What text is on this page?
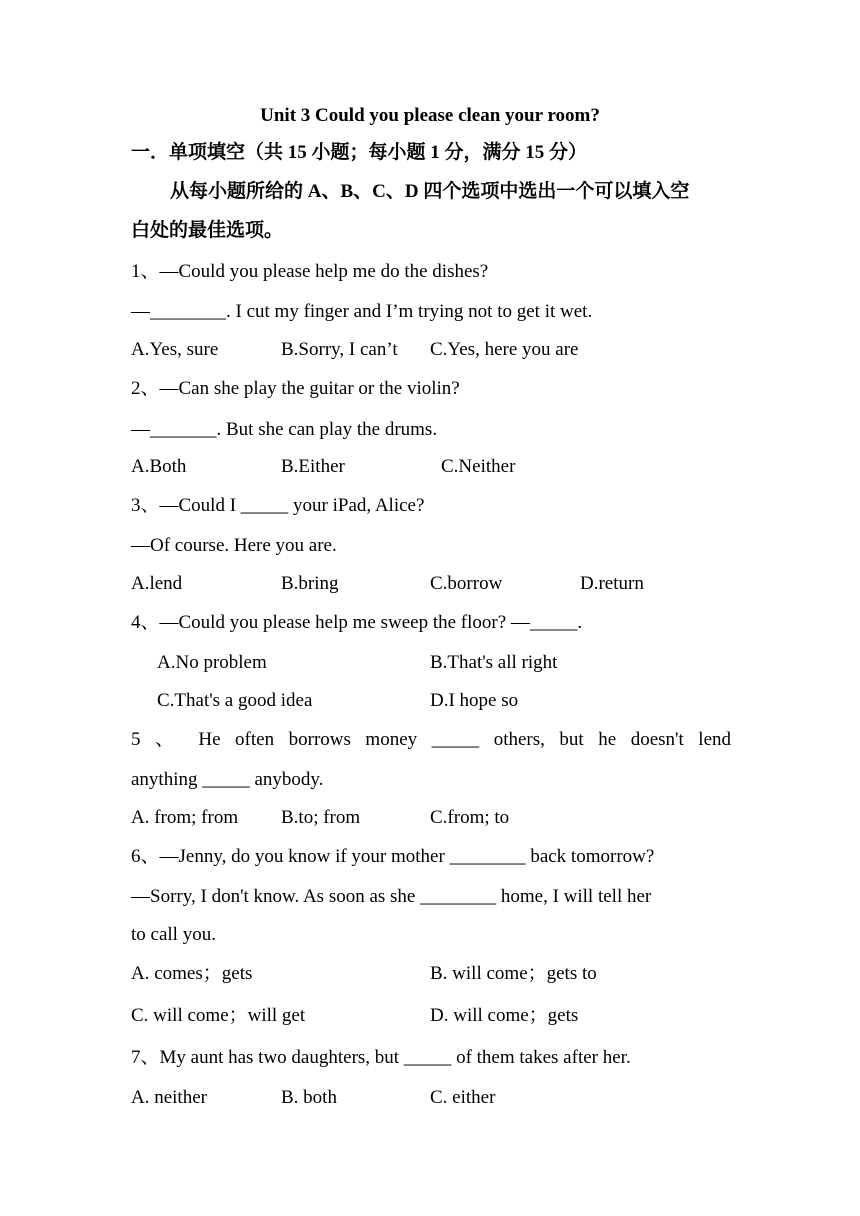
Unit 3 Could you please clean your room?
一．单项填空（共 15 小题；每小题 1 分，满分 15 分）
从每小题所给的 A、B、C、D 四个选项中选出一个可以填入空
白处的最佳选项。
1、—Could you please help me do the dishes?
—________. I cut my finger and I’m trying not to get it wet.
A.Yes, sure	B.Sorry, I can’t C.Yes, here you are
2、—Can she play the guitar or the violin?
—_______. But she can play the drums.
A.Both	B.Either	C.Neither
3、—Could I _____ your iPad, Alice?
—Of course. Here you are.
A.lend	B.bring	C.borrow	D.return
4、—Could you please help me sweep the floor? —_____.
A.No problem	B.That's all right
C.That's a good idea	D.I hope so
5 、 He often borrows money _____ others, but he doesn't lend
anything _____ anybody.
A. from; from B.to; from	C.from; to
6、—Jenny, do you know if your mother ________ back tomorrow?
—Sorry, I don't know. As soon as she ________ home, I will tell her
to call you.
A. comes；gets	B. will come；gets to
C. will come；will get	D. will come；gets
7、My aunt has two daughters, but _____ of them takes after her.
A. neither	B. both	C. either
